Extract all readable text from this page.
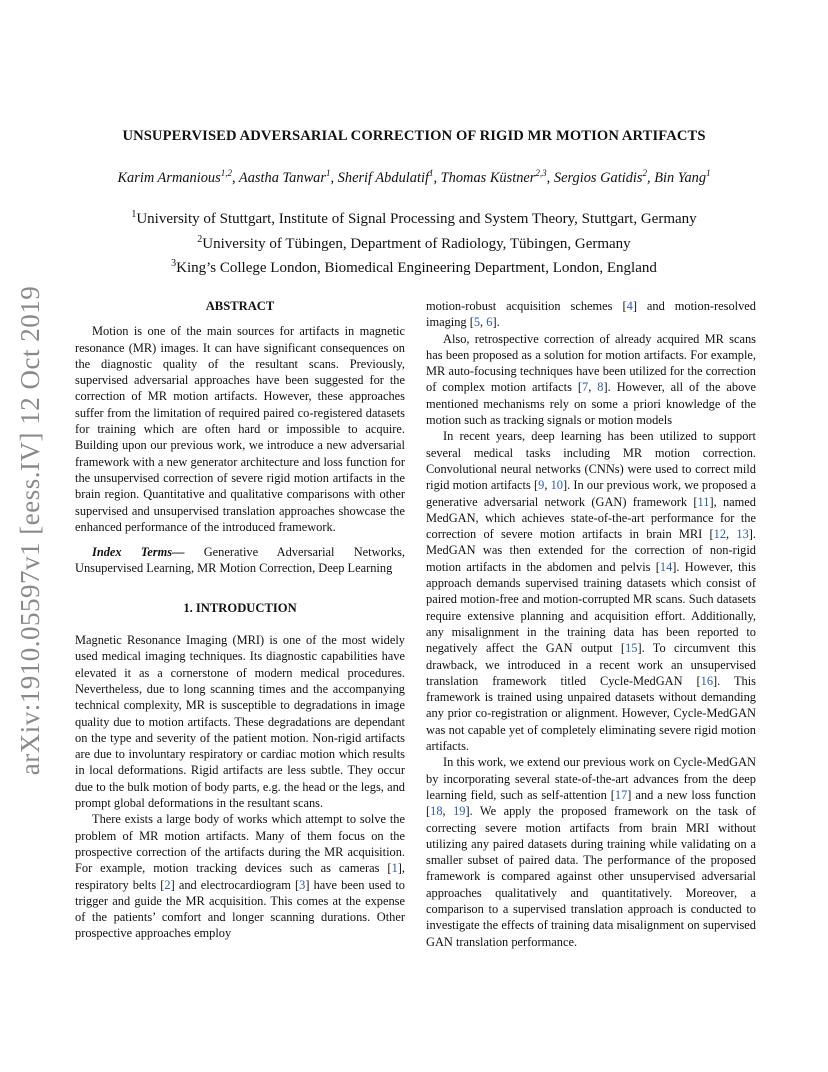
arXiv:1910.05597v1 [eess.IV] 12 Oct 2019
UNSUPERVISED ADVERSARIAL CORRECTION OF RIGID MR MOTION ARTIFACTS
Karim Armanious$^{1,2}$, Aastha Tanwar$^1$, Sherif Abdulatif$^1$, Thomas Küstner$^{2,3}$, Sergios Gatidis$^2$, Bin Yang$^1$
$^1$University of Stuttgart, Institute of Signal Processing and System Theory, Stuttgart, Germany
$^2$University of Tübingen, Department of Radiology, Tübingen, Germany
$^3$King’s College London, Biomedical Engineering Department, London, England
ABSTRACT

Motion is one of the main sources for artifacts in magnetic resonance (MR) images. It can have significant consequences on the diagnostic quality of the resultant scans. Previously, supervised adversarial approaches have been suggested for the correction of MR motion artifacts. However, these approaches suffer from the limitation of required paired co-registered datasets for training which are often hard or impossible to acquire. Building upon our previous work, we introduce a new adversarial framework with a new generator architecture and loss function for the unsupervised correction of severe rigid motion artifacts in the brain region. Quantitative and qualitative comparisons with other supervised and unsupervised translation approaches showcase the enhanced performance of the introduced framework.

Index Terms— Generative Adversarial Networks, Unsupervised Learning, MR Motion Correction, Deep Learning

1. INTRODUCTION

Magnetic Resonance Imaging (MRI) is one of the most widely used medical imaging techniques. Its diagnostic capabilities have elevated it as a cornerstone of modern medical procedures. Nevertheless, due to long scanning times and the accompanying technical complexity, MR is susceptible to degradations in image quality due to motion artifacts. These degradations are dependant on the type and severity of the patient motion. Non-rigid artifacts are due to involuntary respiratory or cardiac motion which results in local deformations. Rigid artifacts are less subtle. They occur due to the bulk motion of body parts, e.g. the head or the legs, and prompt global deformations in the resultant scans.

There exists a large body of works which attempt to solve the problem of MR motion artifacts. Many of them focus on the prospective correction of the artifacts during the MR acquisition. For example, motion tracking devices such as cameras [1], respiratory belts [2] and electrocardiogram [3] have been used to trigger and guide the MR acquisition. This comes at the expense of the patients’ comfort and longer scanning durations. Other prospective approaches employ

motion-robust acquisition schemes [4] and motion-resolved imaging [5, 6].

Also, retrospective correction of already acquired MR scans has been proposed as a solution for motion artifacts. For example, MR auto-focusing techniques have been utilized for the correction of complex motion artifacts [7, 8]. However, all of the above mentioned mechanisms rely on some a priori knowledge of the motion such as tracking signals or motion models

In recent years, deep learning has been utilized to support several medical tasks including MR motion correction. Convolutional neural networks (CNNs) were used to correct mild rigid motion artifacts [9, 10]. In our previous work, we proposed a generative adversarial network (GAN) framework [11], named MedGAN, which achieves state-of-the-art performance for the correction of severe motion artifacts in brain MRI [12, 13]. MedGAN was then extended for the correction of non-rigid motion artifacts in the abdomen and pelvis [14]. However, this approach demands supervised training datasets which consist of paired motion-free and motion-corrupted MR scans. Such datasets require extensive planning and acquisition effort. Additionally, any misalignment in the training data has been reported to negatively affect the GAN output [15]. To circumvent this drawback, we introduced in a recent work an unsupervised translation framework titled Cycle-MedGAN [16]. This framework is trained using unpaired datasets without demanding any prior co-registration or alignment. However, Cycle-MedGAN was not capable yet of completely eliminating severe rigid motion artifacts.

In this work, we extend our previous work on Cycle-MedGAN by incorporating several state-of-the-art advances from the deep learning field, such as self-attention [17] and a new loss function [18, 19]. We apply the proposed framework on the task of correcting severe motion artifacts from brain MRI without utilizing any paired datasets during training while validating on a smaller subset of paired data. The performance of the proposed framework is compared against other unsupervised adversarial approaches qualitatively and quantitatively. Moreover, a comparison to a supervised translation approach is conducted to investigate the effects of training data misalignment on supervised GAN translation performance.
